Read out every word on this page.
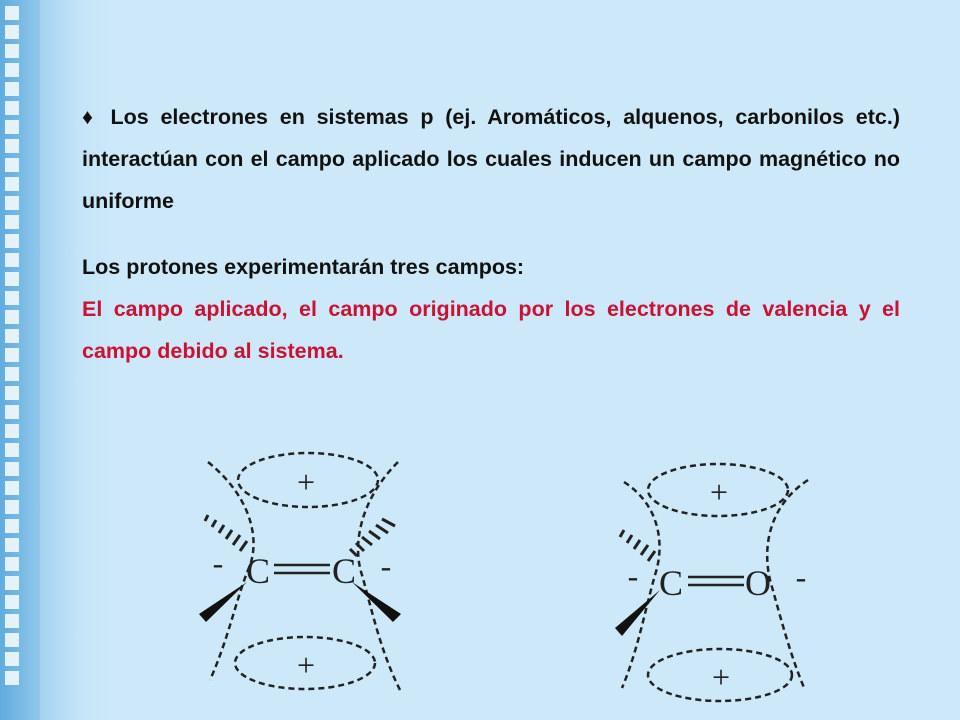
♦ Los electrones en sistemas p (ej. Aromáticos, alquenos, carbonilos etc.) interactúan con el campo aplicado los cuales inducen un campo magnético no uniforme

Los protones experimentarán tres campos:

El campo aplicado, el campo originado por los electrones de valencia y el campo debido al sistema.

+
+
C C
-	-
+
+
C O
-	-
